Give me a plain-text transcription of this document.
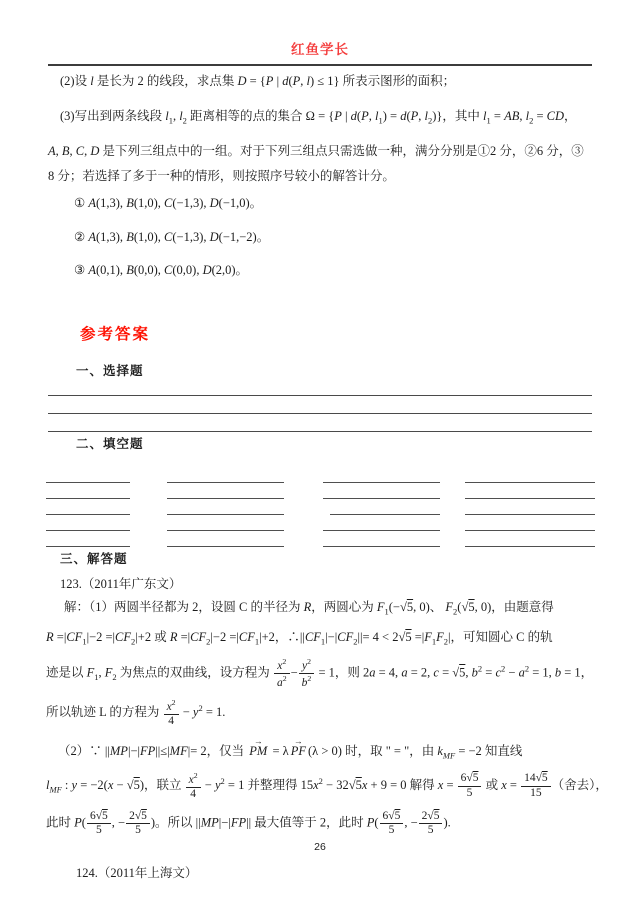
红鱼学长

(2)设 l 是长为 2 的线段，求点集 D = {P | d(P, l) ≤ 1} 所表示图形的面积；

(3)写出到两条线段 $l_1$, $l_2$ 距离相等的点的集合 Ω = {P | d(P, $l_1) = d(P$, $l_2$)}，其中 $l_1$ = AB, $l_2$ = CD，

A, B, C, D 是下列三组点中的一组。对于下列三组点只需选做一种，满分分别是①2 分，②6 分，③

8 分；若选择了多于一种的情形，则按照序号较小的解答计分。

① A(1,3), B(1,0), C(−1,3), D(−1,0)。

② A(1,3), B(1,0), C(−1,3), D(−1,−2)。

③ A(0,1), B(0,0), C(0,0), D(2,0)。

参考答案
一、选择题
二、填空题
三、解答题

123.（2011年广东文）

解：（1）两圆半径都为 2，设圆 C 的半径为 R，两圆心为 $F_1(-√5$, 0)、 $F_2(√5$, 0)，由题意得

$R =|CF_1|-2 =|CF_2|+2$ 或 $R =|CF_2|-2 =|CF_1|+2$，$\therefore||CF_1|-|CF_2||= 4 < 2√5 =|F_1F_2|$，可知圆心 C 的轨

迹是以 $F_1$, $F_2$ 为焦点的双曲线，设方程为 $\frac{x^2}{a^2} - \frac{y^2}{b^2} = 1$，则 2a = 4, a = 2, c = √5, $b^2 = c^2 - a^2 = 1$, b = 1，

所以轨迹 L 的方程为 $\frac{x^2}{4} - y^2 = 1$.

（2）∵ ||MP|−|FP||≤|MF|= 2，仅当 PM → = λ PF → (λ > 0) 时，取 " = "，由 $k_{MF} = -2$ 知直线

$l_{MF}$ : y = −2(x − √5)，联立 $\frac{x^2}{4} - y^2 = 1$ 并整理得 $15x^2 - 32√5x + 9 = 0$ 解得 $x = \frac{6√5}{5}$ 或 $x = \frac{14√5}{15}$ （舍去），

此时 $P( \frac{6√5}{5}$ , − $\frac{2√5}{5}$ )。所以 ||MP|−|FP|| 最大值等于 2，此时 $P( \frac{6√5}{5}$ , − $\frac{2√5}{5}$ ).

124.（2011年上海文）

26
